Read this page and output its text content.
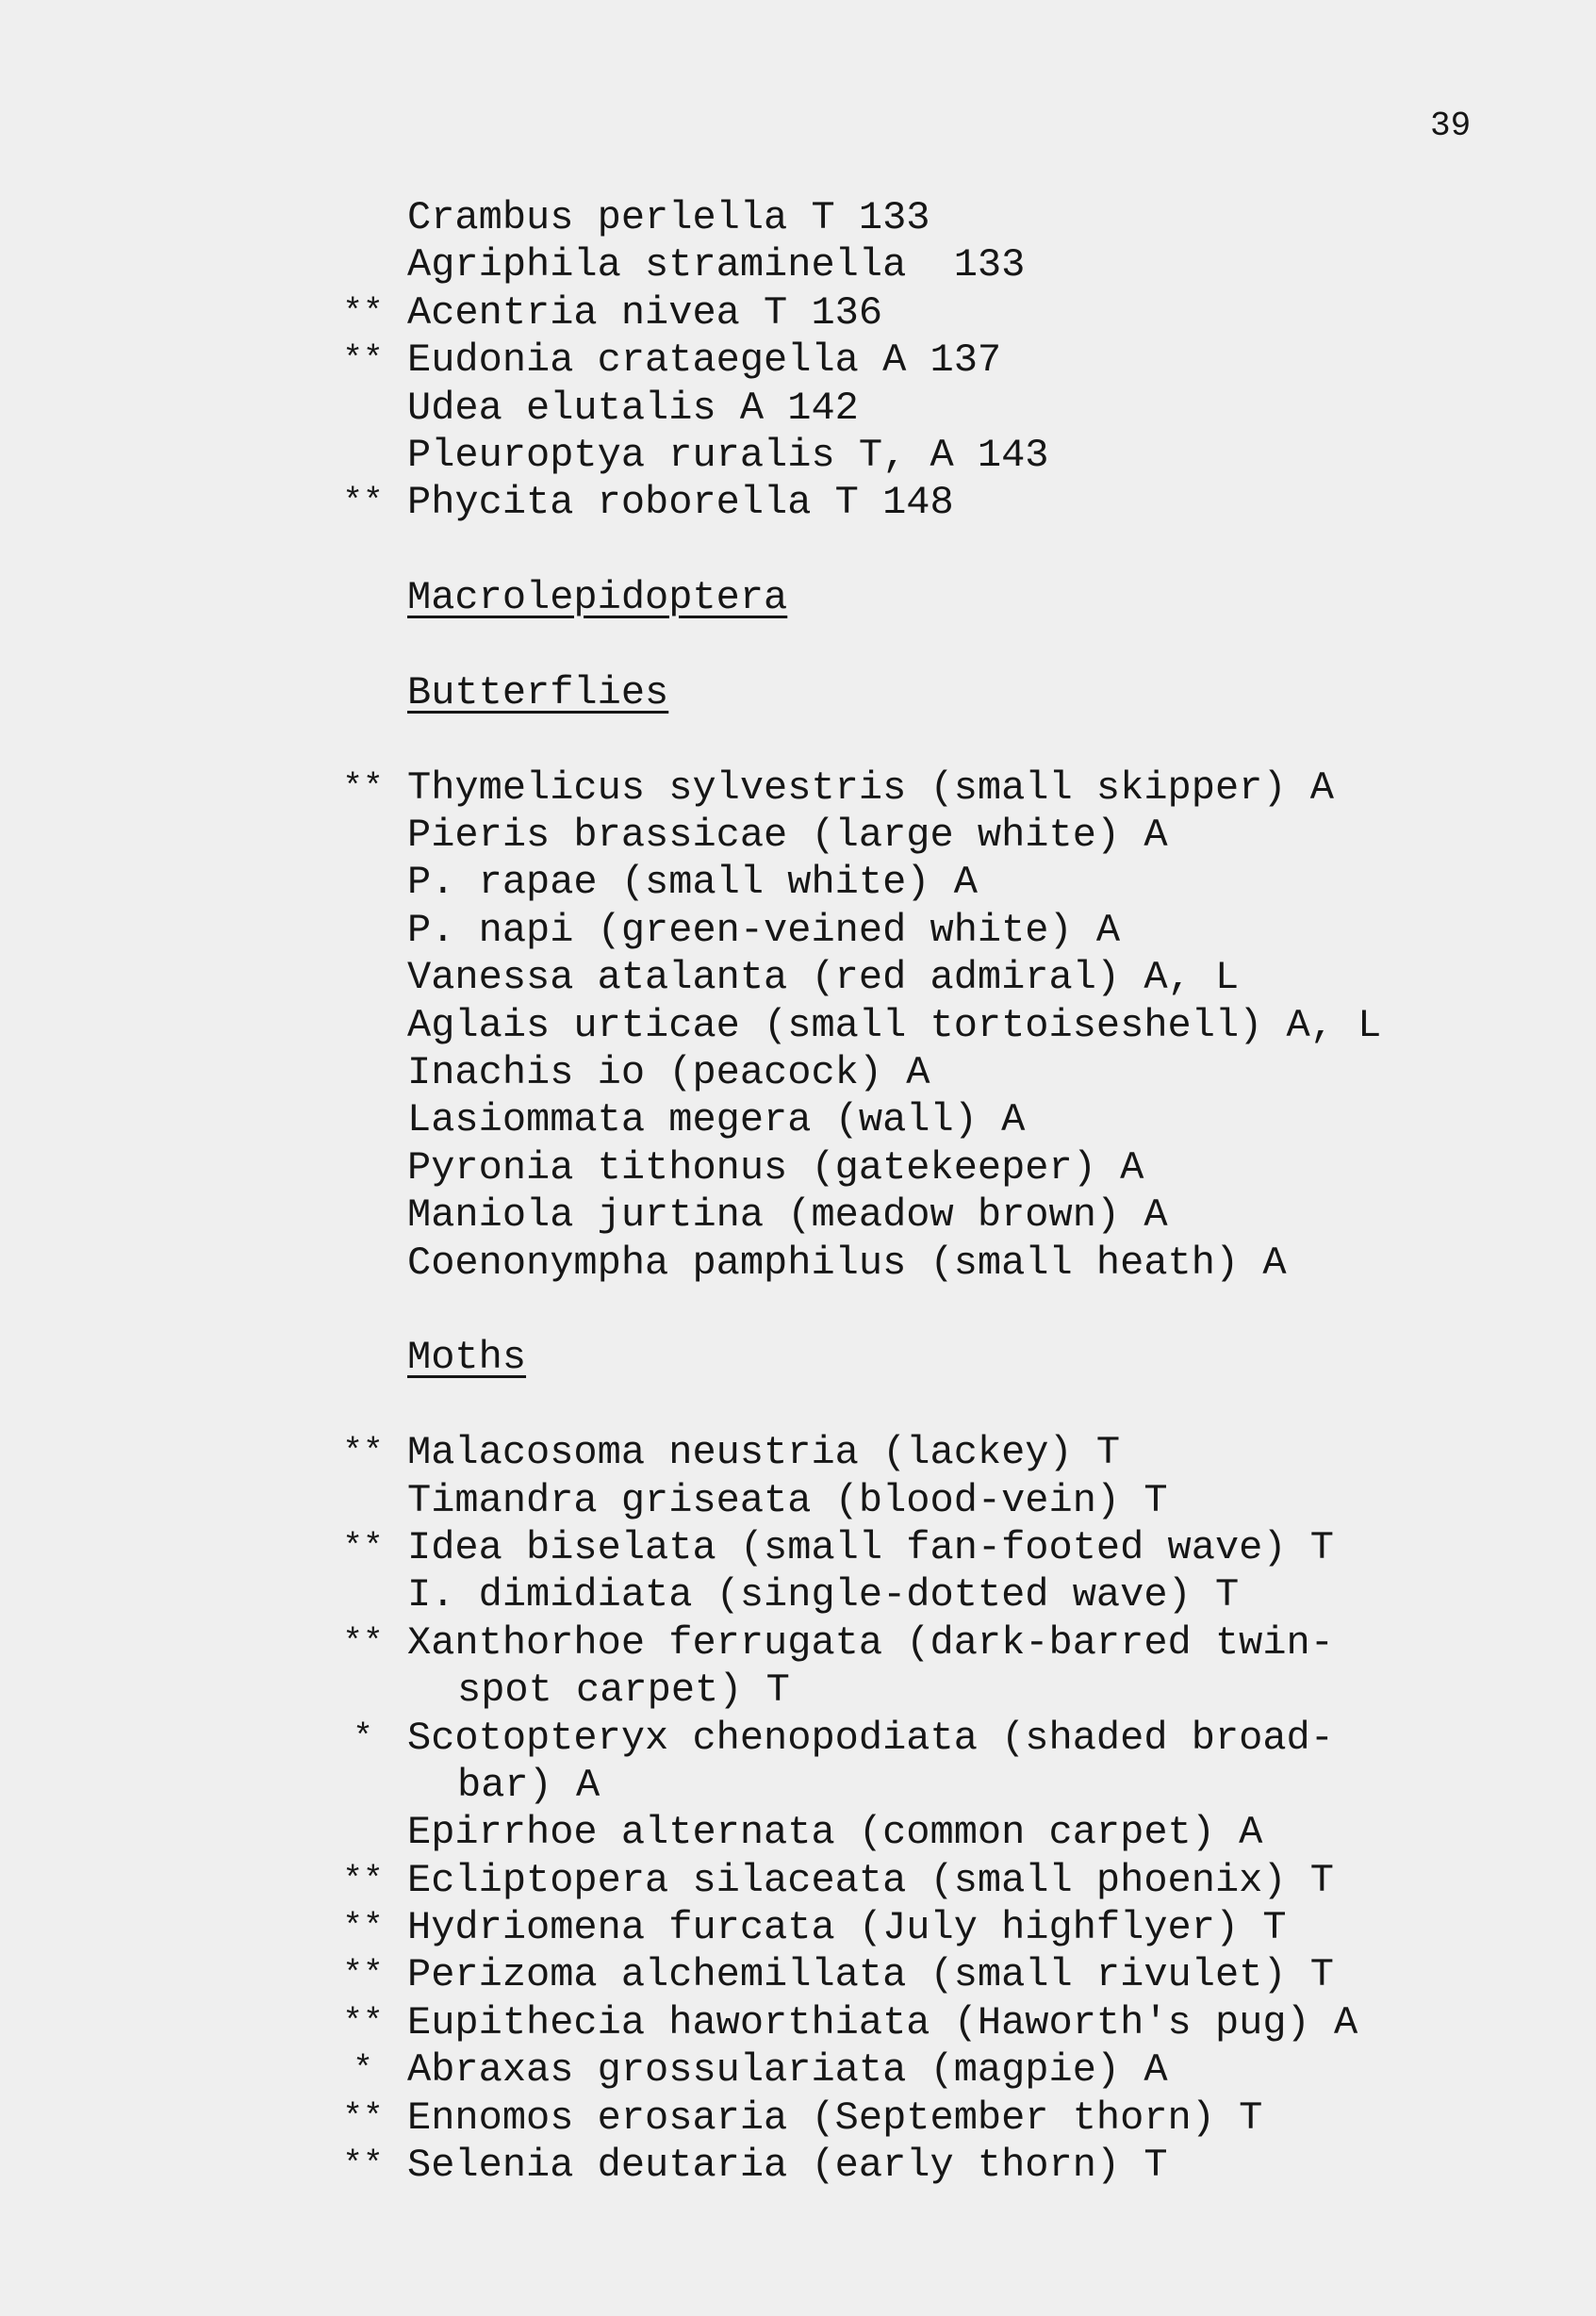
39
Crambus perlella T 133
Agriphila straminella  133
** Acentria nivea T 136
** Eudonia crataegella A 137
Udea elutalis A 142
Pleuroptya ruralis T, A 143
** Phycita roborella T 148
Macrolepidoptera
Butterflies
** Thymelicus sylvestris (small skipper) A
Pieris brassicae (large white) A
P. rapae (small white) A
P. napi (green-veined white) A
Vanessa atalanta (red admiral) A, L
Aglais urticae (small tortoiseshell) A, L
Inachis io (peacock) A
Lasiommata megera (wall) A
Pyronia tithonus (gatekeeper) A
Maniola jurtina (meadow brown) A
Coenonympha pamphilus (small heath) A
Moths
** Malacosoma neustria (lackey) T
Timandra griseata (blood-vein) T
** Idea biselata (small fan-footed wave) T
I. dimidiata (single-dotted wave) T
** Xanthorhoe ferrugata (dark-barred twin-
spot carpet) T
* Scotopteryx chenopodiata (shaded broad-
bar) A
Epirrhoe alternata (common carpet) A
** Ecliptopera silaceata (small phoenix) T
** Hydriomena furcata (July highflyer) T
** Perizoma alchemillata (small rivulet) T
** Eupithecia haworthiata (Haworth's pug) A
* Abraxas grossulariata (magpie) A
** Ennomos erosaria (September thorn) T
** Selenia deutaria (early thorn) T
